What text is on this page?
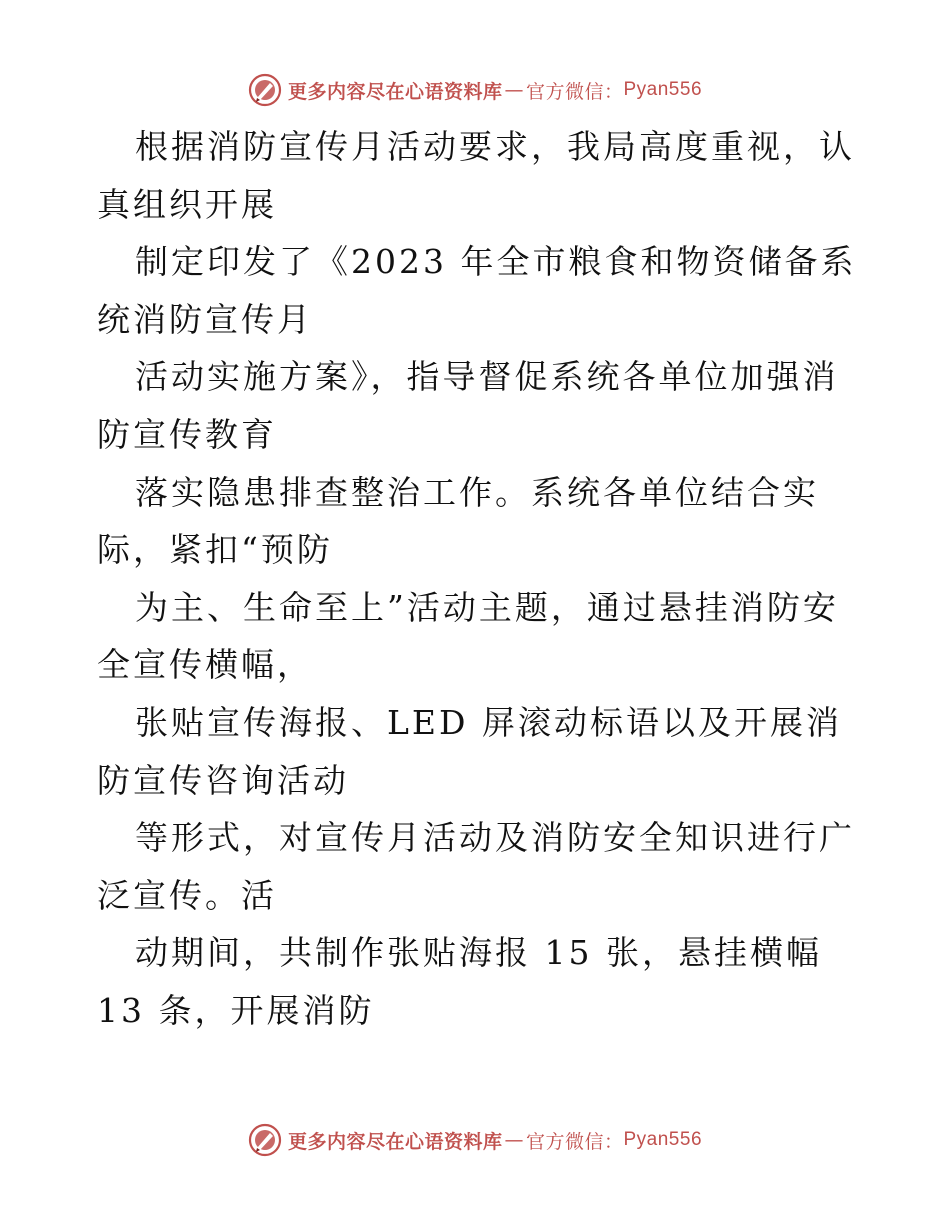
更多内容尽在心语资料库 — 官方微信： Pyan556

根据消防宣传月活动要求，我局高度重视，认真组织开展

制定印发了《2023 年全市粮食和物资储备系统消防宣传月

活动实施方案》，指导督促系统各单位加强消防宣传教育

落实隐患排查整治工作。系统各单位结合实际，紧扣“预防

为主、生命至上”活动主题，通过悬挂消防安全宣传横幅，

张贴宣传海报、LED 屏滚动标语以及开展消防宣传咨询活动

等形式，对宣传月活动及消防安全知识进行广泛宣传。活

动期间，共制作张贴海报 15 张，悬挂横幅 13 条，开展消防

更多内容尽在心语资料库 — 官方微信： Pyan556
